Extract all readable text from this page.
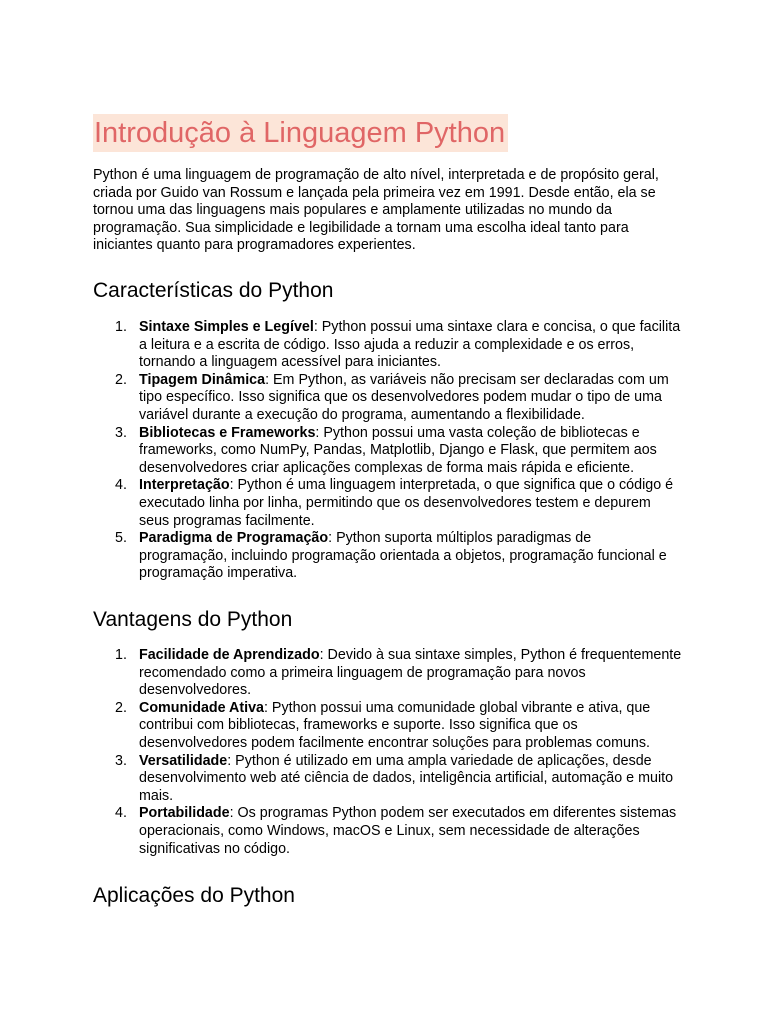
Introdução à Linguagem Python

Python é uma linguagem de programação de alto nível, interpretada e de propósito geral, criada por Guido van Rossum e lançada pela primeira vez em 1991. Desde então, ela se tornou uma das linguagens mais populares e amplamente utilizadas no mundo da programação. Sua simplicidade e legibilidade a tornam uma escolha ideal tanto para iniciantes quanto para programadores experientes.

Características do Python
1. Sintaxe Simples e Legível: Python possui uma sintaxe clara e concisa, o que facilita a leitura e a escrita de código. Isso ajuda a reduzir a complexidade e os erros, tornando a linguagem acessível para iniciantes.
2. Tipagem Dinâmica: Em Python, as variáveis não precisam ser declaradas com um tipo específico. Isso significa que os desenvolvedores podem mudar o tipo de uma variável durante a execução do programa, aumentando a flexibilidade.
3. Bibliotecas e Frameworks: Python possui uma vasta coleção de bibliotecas e frameworks, como NumPy, Pandas, Matplotlib, Django e Flask, que permitem aos desenvolvedores criar aplicações complexas de forma mais rápida e eficiente.
4. Interpretação: Python é uma linguagem interpretada, o que significa que o código é executado linha por linha, permitindo que os desenvolvedores testem e depurem seus programas facilmente.
5. Paradigma de Programação: Python suporta múltiplos paradigmas de programação, incluindo programação orientada a objetos, programação funcional e programação imperativa.
Vantagens do Python
1. Facilidade de Aprendizado: Devido à sua sintaxe simples, Python é frequentemente recomendado como a primeira linguagem de programação para novos desenvolvedores.
2. Comunidade Ativa: Python possui uma comunidade global vibrante e ativa, que contribui com bibliotecas, frameworks e suporte. Isso significa que os desenvolvedores podem facilmente encontrar soluções para problemas comuns.
3. Versatilidade: Python é utilizado em uma ampla variedade de aplicações, desde desenvolvimento web até ciência de dados, inteligência artificial, automação e muito mais.
4. Portabilidade: Os programas Python podem ser executados em diferentes sistemas operacionais, como Windows, macOS e Linux, sem necessidade de alterações significativas no código.
Aplicações do Python
